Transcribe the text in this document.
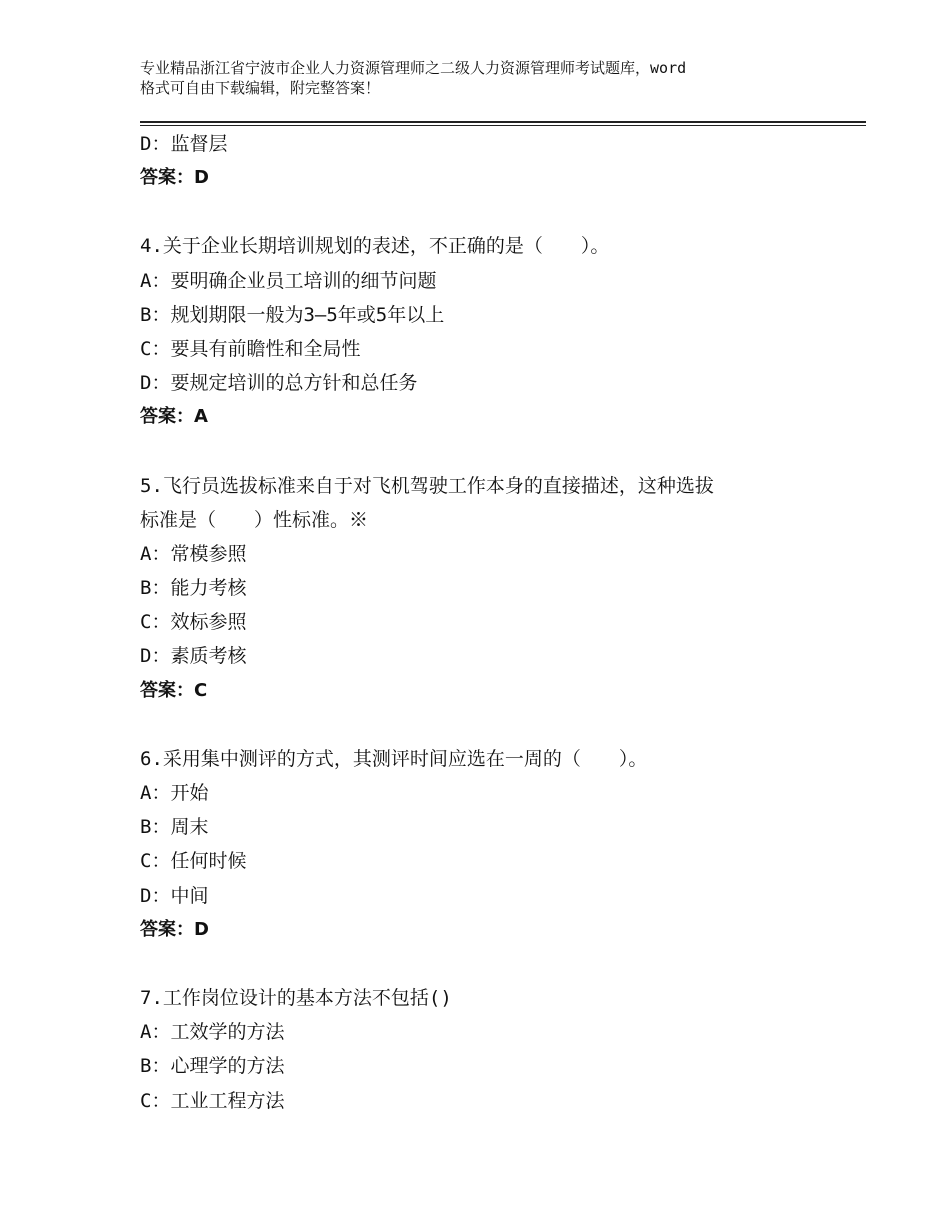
专业精品浙江省宁波市企业人力资源管理师之二级人力资源管理师考试题库，word
格式可自由下载编辑，附完整答案！
D：监督层
答案：D
4.关于企业长期培训规划的表述，不正确的是（　　）。
A：要明确企业员工培训的细节问题
B：规划期限一般为3—5年或5年以上
C：要具有前瞻性和全局性
D：要规定培训的总方针和总任务
答案：A
5.飞行员选拔标准来自于对飞机驾驶工作本身的直接描述，这种选拔
标准是（　　）性标准。※
A：常模参照
B：能力考核
C：效标参照
D：素质考核
答案：C
6.采用集中测评的方式，其测评时间应选在一周的（　　）。
A：开始
B：周末
C：任何时候
D：中间
答案：D
7.工作岗位设计的基本方法不包括()
A：工效学的方法
B：心理学的方法
C：工业工程方法
